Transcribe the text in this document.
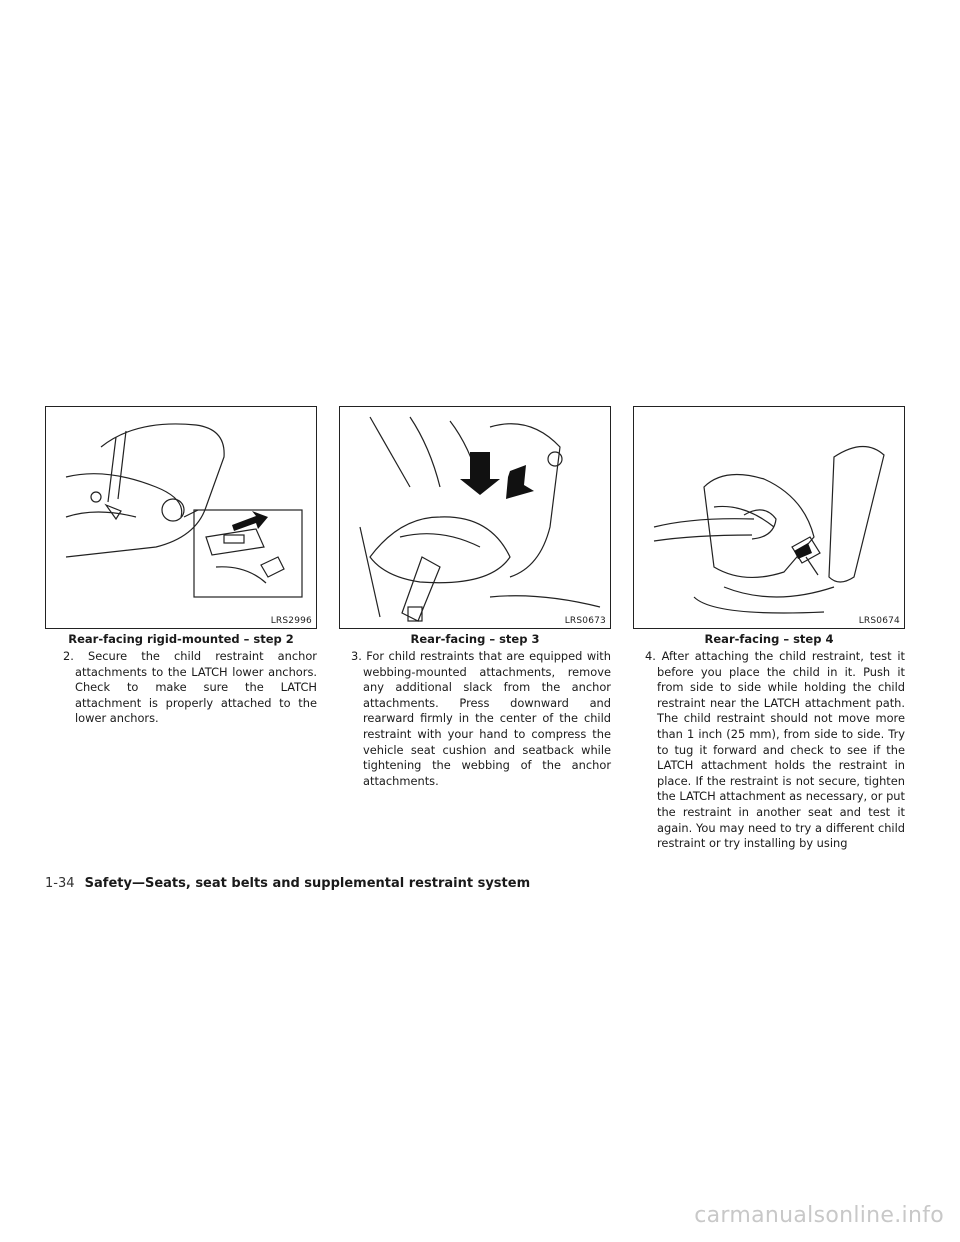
LRS2996
Rear-facing rigid-mounted – step 2
2. Secure the child restraint anchor attachments to the LATCH lower anchors. Check to make sure the LATCH attachment is properly attached to the lower anchors.
LRS0673
Rear-facing – step 3
3. For child restraints that are equipped with webbing-mounted attachments, remove any additional slack from the anchor attachments. Press downward and rearward firmly in the center of the child restraint with your hand to compress the vehicle seat cushion and seatback while tightening the webbing of the anchor attachments.
LRS0674
Rear-facing – step 4
4. After attaching the child restraint, test it before you place the child in it. Push it from side to side while holding the child restraint near the LATCH attachment path. The child restraint should not move more than 1 inch (25 mm), from side to side. Try to tug it forward and check to see if the LATCH attachment holds the restraint in place. If the restraint is not secure, tighten the LATCH attachment as necessary, or put the restraint in another seat and test it again. You may need to try a different child restraint or try installing by using
1-34 Safety—Seats, seat belts and supplemental restraint system
carmanualsonline.info
